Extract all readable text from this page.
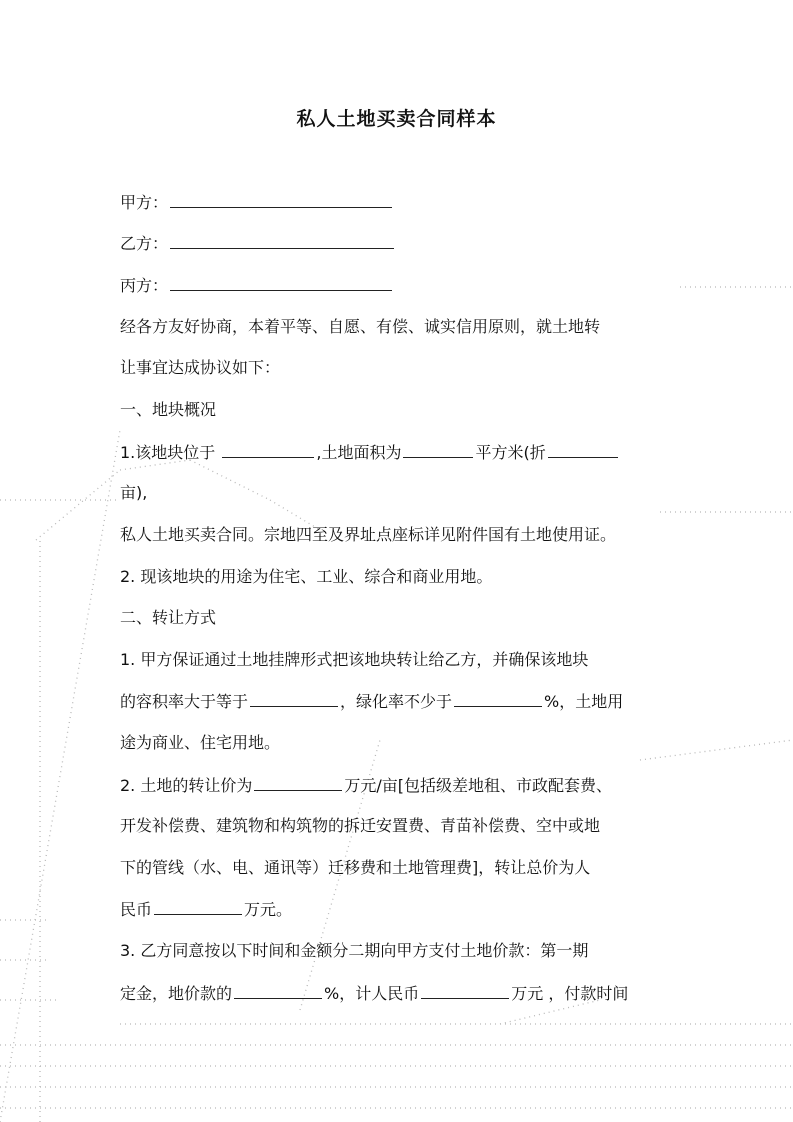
私人土地买卖合同样本
甲方：
乙方：
丙方：
经各方友好协商，本着平等、自愿、有偿、诚实信用原则，就土地转
让事宜达成协议如下：
一、地块概况
1.该地块位于	,土地面积为	平方米(折
亩),
私人土地买卖合同。宗地四至及界址点座标详见附件国有土地使用证。
2. 现该地块的用途为住宅、工业、综合和商业用地。
二、转让方式
1. 甲方保证通过土地挂牌形式把该地块转让给乙方，并确保该地块
的容积率大于等于	，绿化率不少于	%，土地用
途为商业、住宅用地。
2. 土地的转让价为	万元/亩[包括级差地租、市政配套费、
开发补偿费、建筑物和构筑物的拆迁安置费、青苗补偿费、空中或地
下的管线（水、电、通讯等）迁移费和土地管理费]，转让总价为人
民币	万元。
3. 乙方同意按以下时间和金额分二期向甲方支付土地价款：第一期
定金，地价款的	%，计人民币	万元 ，付款时间
